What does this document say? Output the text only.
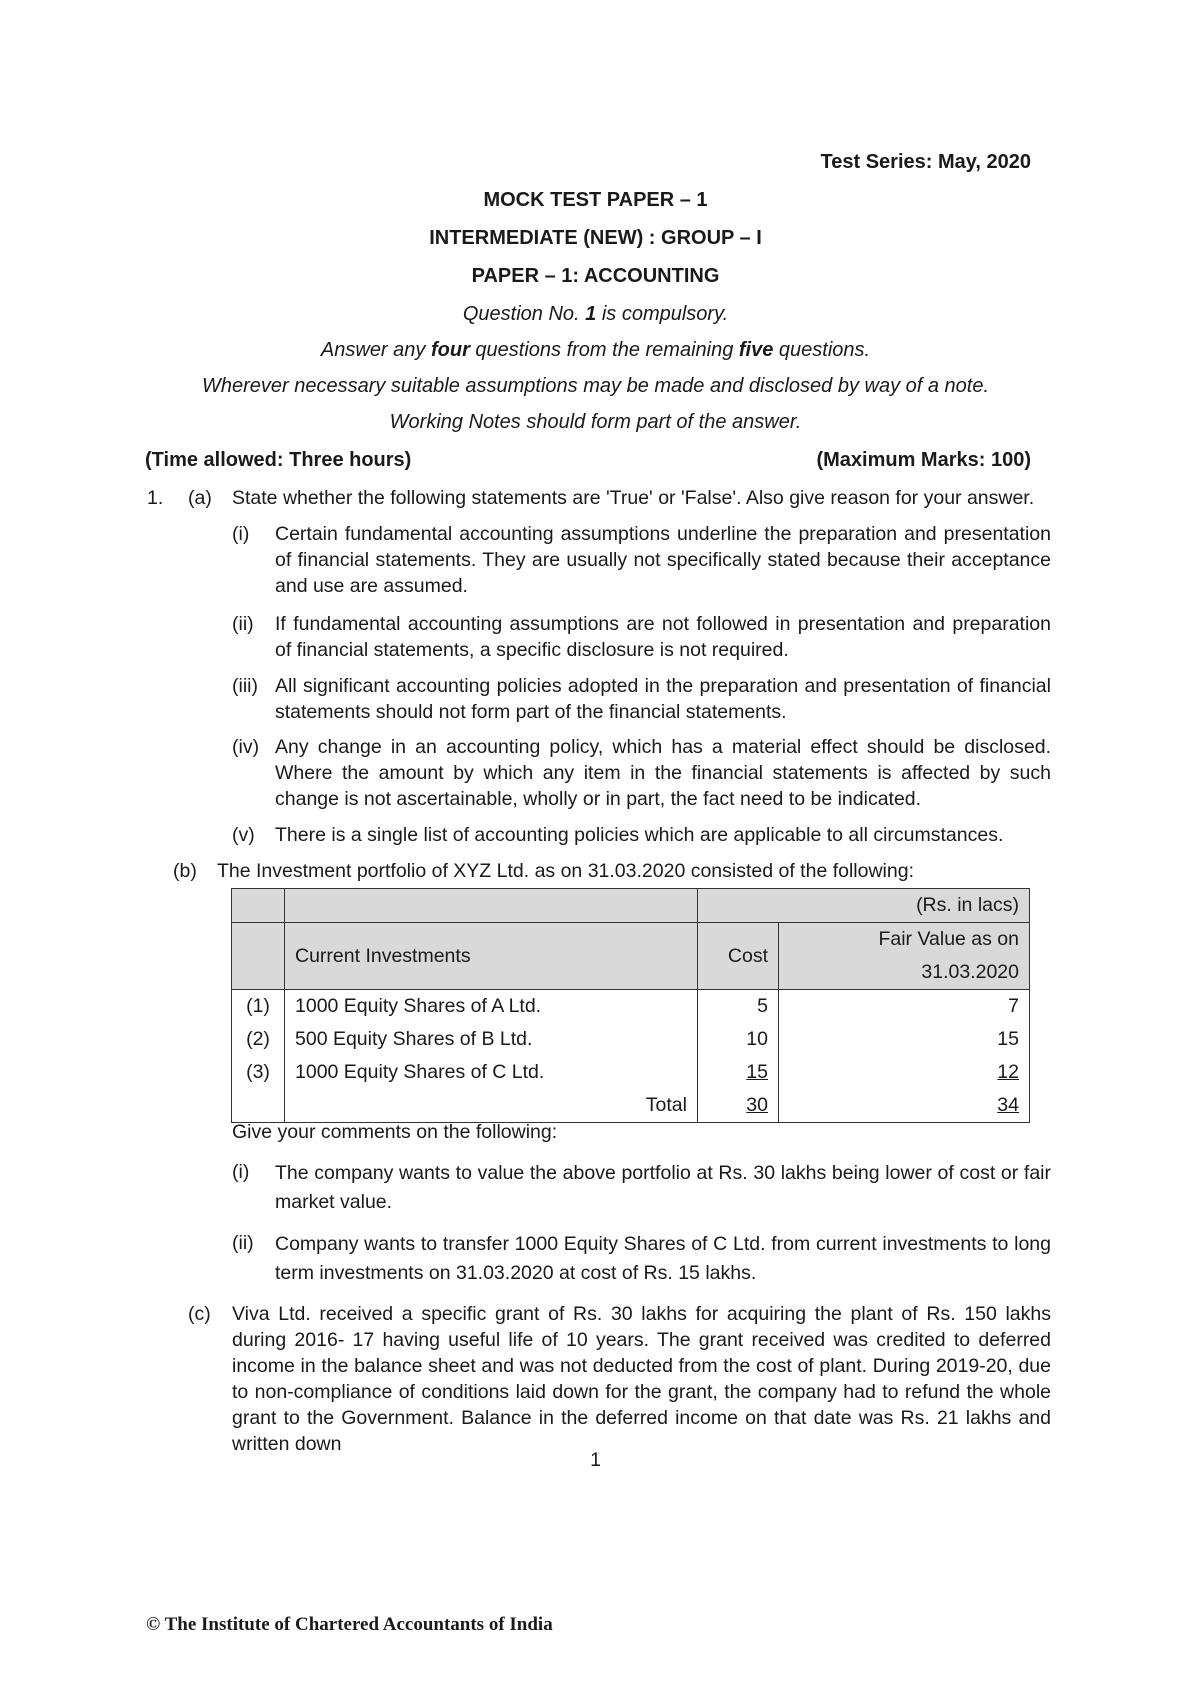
Test Series: May, 2020
MOCK TEST PAPER – 1
INTERMEDIATE (NEW) : GROUP – I
PAPER – 1: ACCOUNTING
Question No. 1 is compulsory.
Answer any four questions from the remaining five questions.
Wherever necessary suitable assumptions may be made and disclosed by way of a note.
Working Notes should form part of the answer.
(Time allowed: Three hours)	(Maximum Marks: 100)
1. (a) State whether the following statements are 'True' or 'False'. Also give reason for your answer.
(i) Certain fundamental accounting assumptions underline the preparation and presentation of financial statements. They are usually not specifically stated because their acceptance and use are assumed.
(ii) If fundamental accounting assumptions are not followed in presentation and preparation of financial statements, a specific disclosure is not required.
(iii) All significant accounting policies adopted in the preparation and presentation of financial statements should not form part of the financial statements.
(iv) Any change in an accounting policy, which has a material effect should be disclosed. Where the amount by which any item in the financial statements is affected by such change is not ascertainable, wholly or in part, the fact need to be indicated.
(v) There is a single list of accounting policies which are applicable to all circumstances.
(b) The Investment portfolio of XYZ Ltd. as on 31.03.2020 consisted of the following:
		(Rs. in lacs)	
	Current Investments	Cost	Fair Value as on 31.03.2020
(1)	1000 Equity Shares of A Ltd.	5	7
(2)	500 Equity Shares of B Ltd.	10	15
(3)	1000 Equity Shares of C Ltd.	15	12
	Total	30	34
Give your comments on the following:
(i) The company wants to value the above portfolio at Rs. 30 lakhs being lower of cost or fair market value.
(ii) Company wants to transfer 1000 Equity Shares of C Ltd. from current investments to long term investments on 31.03.2020 at cost of Rs. 15 lakhs.
(c) Viva Ltd. received a specific grant of Rs. 30 lakhs for acquiring the plant of Rs. 150 lakhs during 2016- 17 having useful life of 10 years. The grant received was credited to deferred income in the balance sheet and was not deducted from the cost of plant. During 2019-20, due to non-compliance of conditions laid down for the grant, the company had to refund the whole grant to the Government. Balance in the deferred income on that date was Rs. 21 lakhs and written down
1
© The Institute of Chartered Accountants of India
